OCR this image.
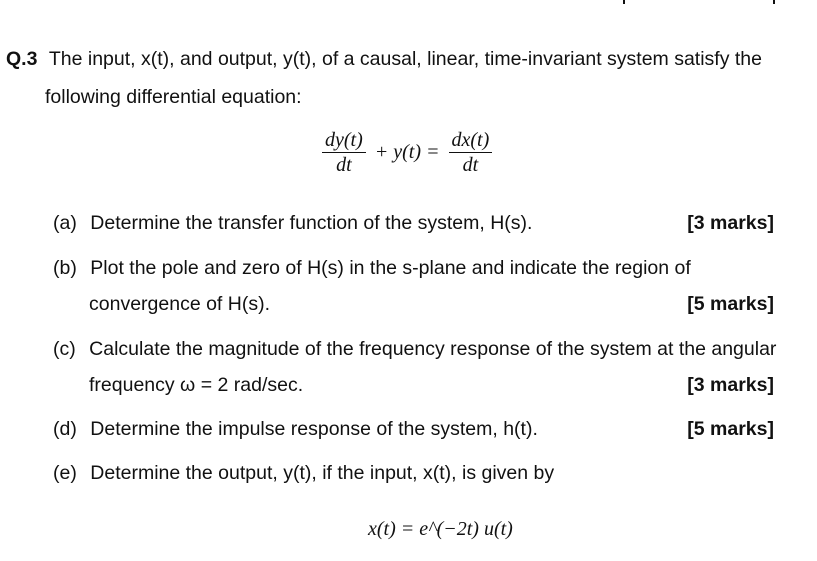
Q.3 The input, x(t), and output, y(t), of a causal, linear, time-invariant system satisfy the
following differential equation:
$\frac{dy(t)}{dt} + y(t) = \frac{dx(t)}{dt}$
(a) Determine the transfer function of the system, H(s).	[3 marks]
(b) Plot the pole and zero of H(s) in the s-plane and indicate the region of
convergence of H(s).	[5 marks]
(c) Calculate the magnitude of the frequency response of the system at the angular
frequency ω = 2 rad/sec.	[3 marks]
(d) Determine the impulse response of the system, h(t).	[5 marks]
(e) Determine the output, y(t), if the input, x(t), is given by
x(t) = e^(−2t) u(t)
